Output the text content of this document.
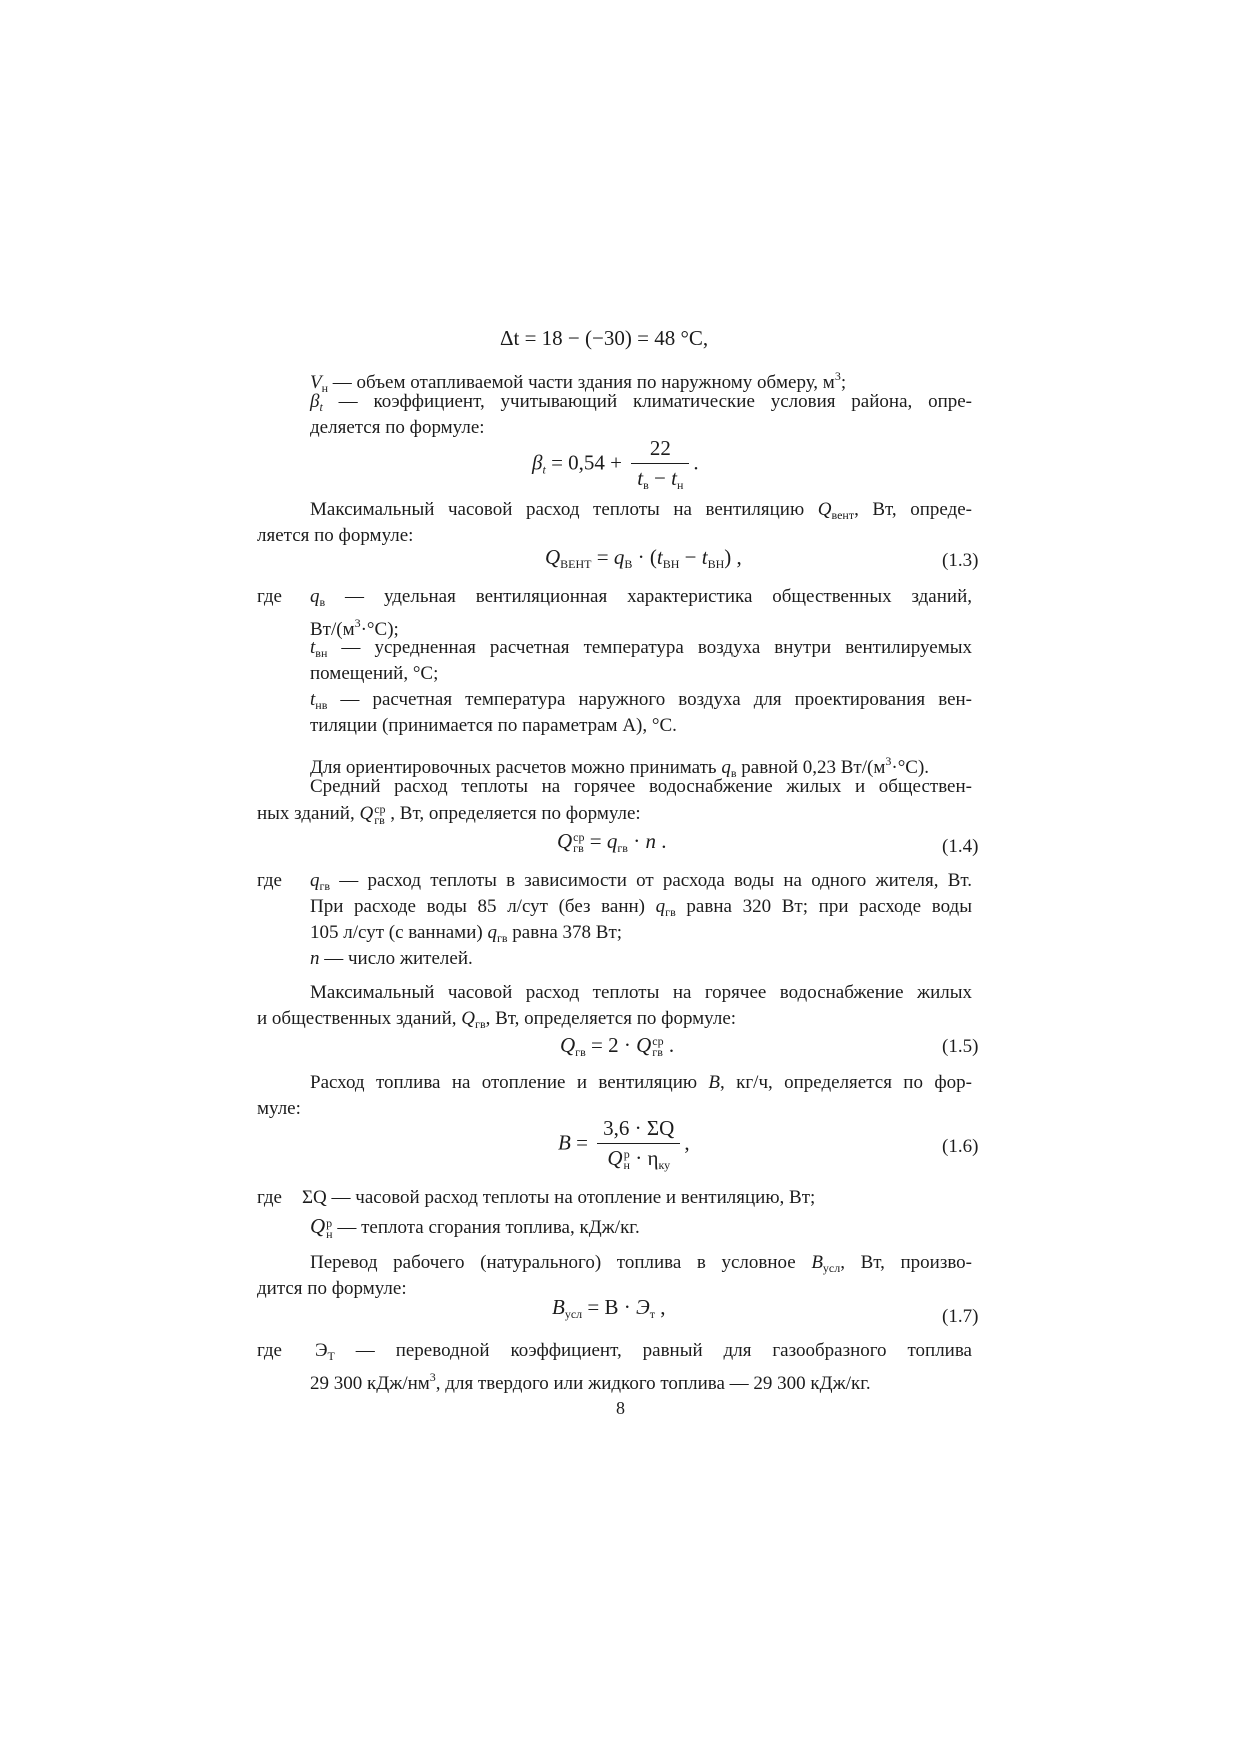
Δt = 18 − (−30) = 48 °C,
$V_н$ — объем отапливаемой части здания по наружному обмеру, $м^3$;
$\beta_t$ — коэффициент, учитывающий климатические условия района, опре-
деляется по формуле:
$\beta_t = 0,54 + \frac{22}{t_в - t_н}$ .
Максимальный часовой расход теплоты на вентиляцию $Q_{вент}$, Вт, опреде-
ляется по формуле:
$Q_{ВЕНТ} = q_В \cdot (t_{ВН} - t_{ВН})$ ,	(1.3)
где $q_в$ — удельная вентиляционная характеристика общественных зданий,
$Вт/(м^3\cdot^\circ С)$;
$t_{вн}$ — усредненная расчетная температура воздуха внутри вентилируемых
помещений, °С;
$t_{нв}$ — расчетная температура наружного воздуха для проектирования вен-
тиляции (принимается по параметрам А), °С.
Для ориентировочных расчетов можно принимать $q_в$ равной 0,23 $Вт/(м^3\cdot^\circ С)$.
Средний расход теплоты на горячее водоснабжение жилых и обществен-
ных зданий, Q ср
гв , Вт, определяется по формуле:
Q ср
гв = $q_{гв} \cdot n$ .	(1.4)
где $q_{гв}$ — расход теплоты в зависимости от расхода воды на одного жителя, Вт.
При расходе воды 85 л/сут (без ванн) $q_{гв}$ равна 320 Вт; при расходе воды
105 л/сут (с ваннами) $q_{гв}$ равна 378 Вт;
n — число жителей.
Максимальный часовой расход теплоты на горячее водоснабжение жилых
и общественных зданий, $Q_{гв}$, Вт, определяется по формуле:
$Q_{гв} = 2 \cdot Q$ ср
гв .	(1.5)
Расход топлива на отопление и вентиляцию B, кг/ч, определяется по фор-
муле:
B = 3,6 · ΣQ
Q р
$н \cdot \eta_{ку}$ ,	(1.6)
где ΣQ — часовой расход теплоты на отопление и вентиляцию, Вт;
Q р
н — теплота сгорания топлива, кДж/кг.
Перевод рабочего (натурального) топлива в условное $B_{усл}$, Вт, произво-
дится по формуле:
$B_{усл} = B \cdot Э_т$ ,	(1.7)
где $Э_Т$ — переводной коэффициент, равный для газообразного топлива
29 300 кДж/$нм^3$, для твердого или жидкого топлива — 29 300 кДж/кг.
8
